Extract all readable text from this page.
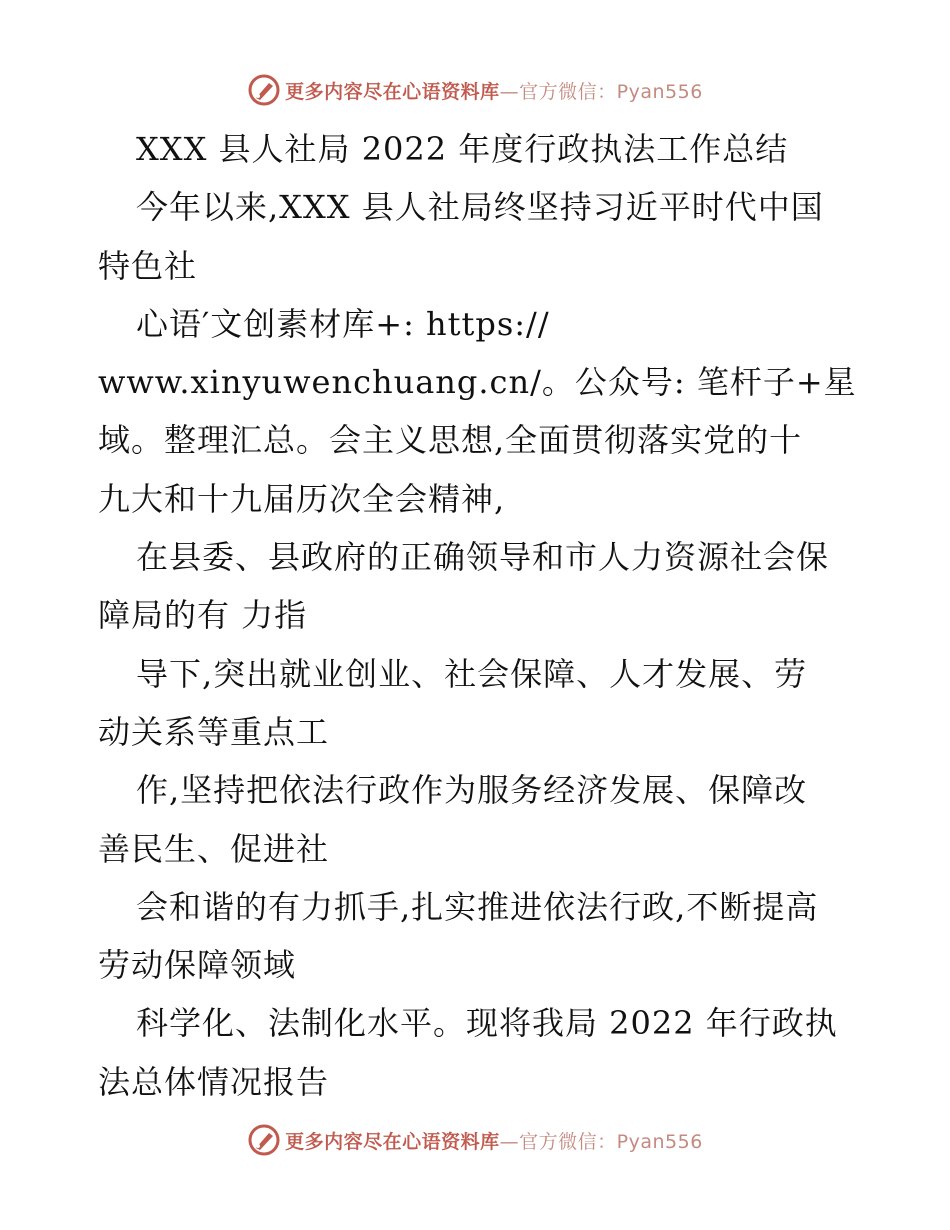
更多内容尽在心语资料库—官方微信：Pyan556
XXX 县人社局 2022 年度行政执法工作总结
今年以来,XXX 县人社局终坚持习近平时代中国
特色社
心语′文创素材库+: https://
www.xinyuwenchuang.cn/。公众号: 笔杆子+星
域。整理汇总。会主义思想,全面贯彻落实党的十
九大和十九届历次全会精神,
在县委、县政府的正确领导和市人力资源社会保
障局的有 力指
导下,突出就业创业、社会保障、人才发展、劳
动关系等重点工
作,坚持把依法行政作为服务经济发展、保障改
善民生、促进社
会和谐的有力抓手,扎实推进依法行政,不断提高
劳动保障领域
科学化、法制化水平。现将我局 2022 年行政执
法总体情况报告
更多内容尽在心语资料库—官方微信：Pyan556
